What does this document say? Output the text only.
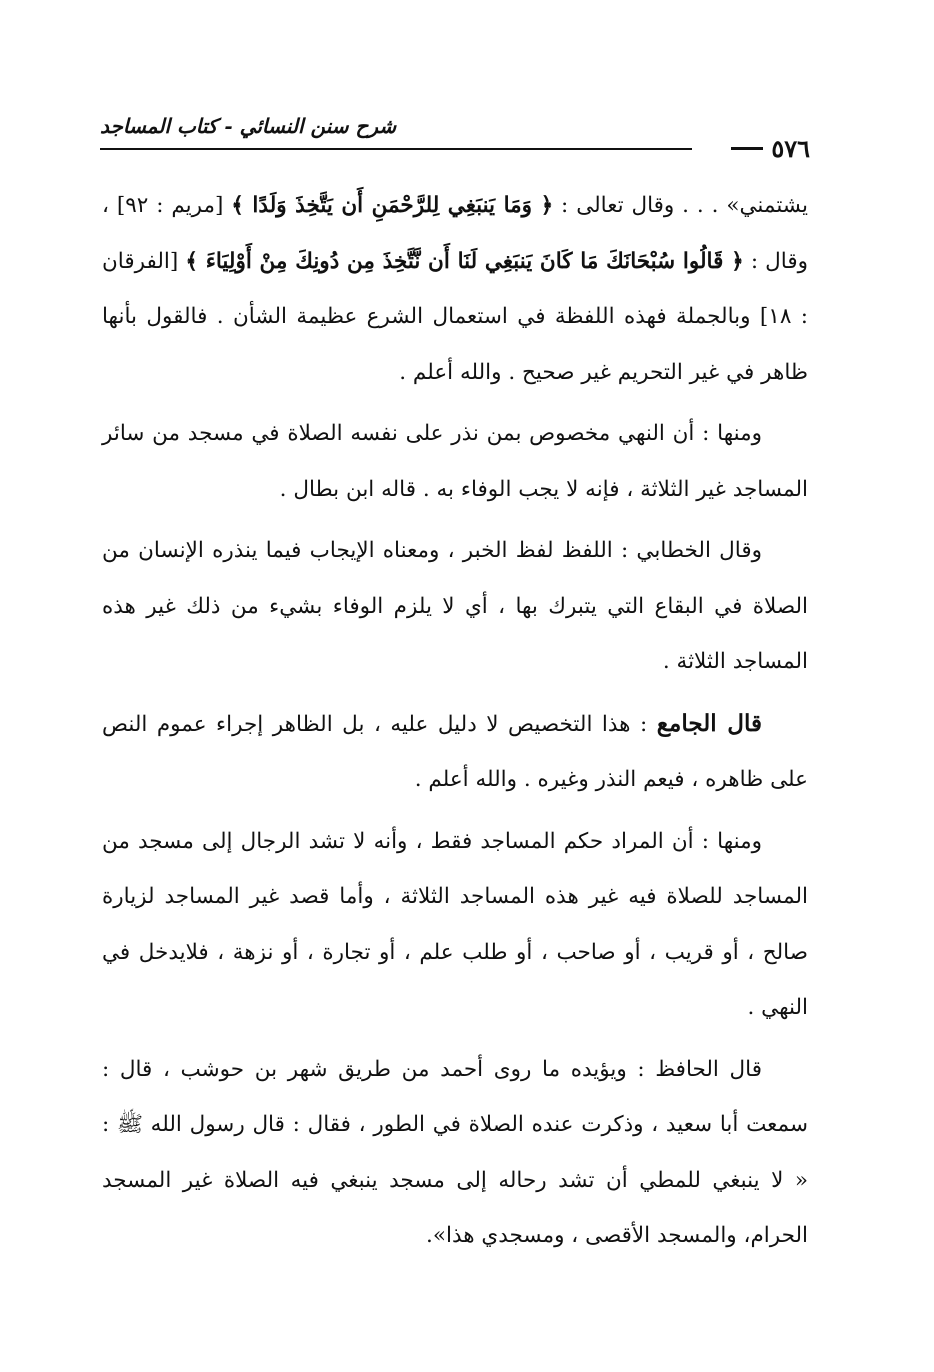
شرح سنن النسائي - كتاب المساجد
٥٧٦

يشتمني» . . . وقال تعالى : ﴿ وَمَا يَنبَغِي لِلرَّحْمَنِ أَن يَتَّخِذَ وَلَدًا ﴾ [مريم : ٩٢] ، وقال : ﴿ قَالُوا سُبْحَانَكَ مَا كَانَ يَنبَغِي لَنَا أَن نَّتَّخِذَ مِن دُونِكَ مِنْ أَوْلِيَاءَ ﴾ [الفرقان : ١٨] وبالجملة فهذه اللفظة في استعمال الشرع عظيمة الشأن . فالقول بأنها ظاهر في غير التحريم غير صحيح . والله أعلم .

ومنها : أن النهي مخصوص بمن نذر على نفسه الصلاة في مسجد من سائر المساجد غير الثلاثة ، فإنه لا يجب الوفاء به . قاله ابن بطال .

وقال الخطابي : اللفظ لفظ الخبر ، ومعناه الإيجاب فيما ينذره الإنسان من الصلاة في البقاع التي يتبرك بها ، أي لا يلزم الوفاء بشيء من ذلك غير هذه المساجد الثلاثة .

قال الجامع : هذا التخصيص لا دليل عليه ، بل الظاهر إجراء عموم النص على ظاهره ، فيعم النذر وغيره . والله أعلم .

ومنها : أن المراد حكم المساجد فقط ، وأنه لا تشد الرجال إلى مسجد من المساجد للصلاة فيه غير هذه المساجد الثلاثة ، وأما قصد غير المساجد لزيارة صالح ، أو قريب ، أو صاحب ، أو طلب علم ، أو تجارة ، أو نزهة ، فلايدخل في النهي .

قال الحافظ : ويؤيده ما روى أحمد من طريق شهر بن حوشب ، قال : سمعت أبا سعيد ، وذكرت عنده الصلاة في الطور ، فقال : قال رسول الله ﷺ : « لا ينبغي للمطي أن تشد رحاله إلى مسجد ينبغي فيه الصلاة غير المسجد الحرام، والمسجد الأقصى ، ومسجدي هذا».
